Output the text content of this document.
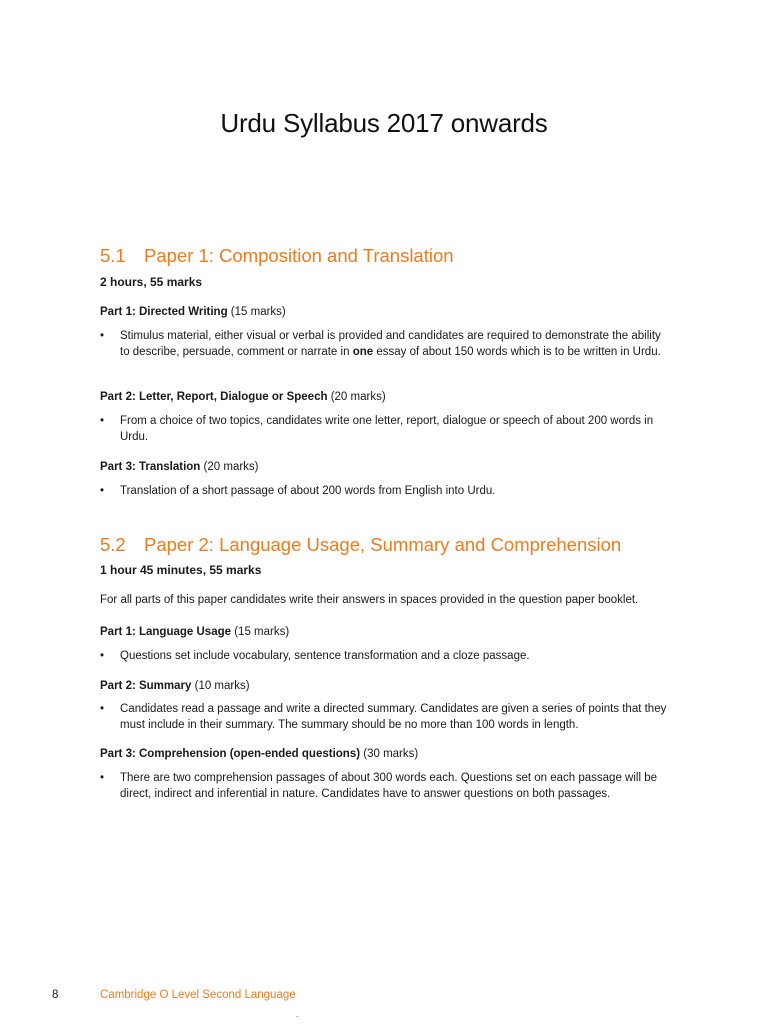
Urdu Syllabus 2017 onwards
5.1 Paper 1: Composition and Translation
2 hours, 55 marks
Part 1: Directed Writing (15 marks)
• Stimulus material, either visual or verbal is provided and candidates are required to demonstrate the ability to describe, persuade, comment or narrate in one essay of about 150 words which is to be written in Urdu.
Part 2: Letter, Report, Dialogue or Speech (20 marks)
• From a choice of two topics, candidates write one letter, report, dialogue or speech of about 200 words in Urdu.
Part 3: Translation (20 marks)
• Translation of a short passage of about 200 words from English into Urdu.
5.2 Paper 2: Language Usage, Summary and Comprehension
1 hour 45 minutes, 55 marks
For all parts of this paper candidates write their answers in spaces provided in the question paper booklet.
Part 1: Language Usage (15 marks)
• Questions set include vocabulary, sentence transformation and a cloze passage.
Part 2: Summary (10 marks)
• Candidates read a passage and write a directed summary. Candidates are given a series of points that they must include in their summary. The summary should be no more than 100 words in length.
Part 3: Comprehension (open-ended questions) (30 marks)
• There are two comprehension passages of about 300 words each. Questions set on each passage will be direct, indirect and inferential in nature. Candidates have to answer questions on both passages.
8	Cambridge O Level Second Language
.
